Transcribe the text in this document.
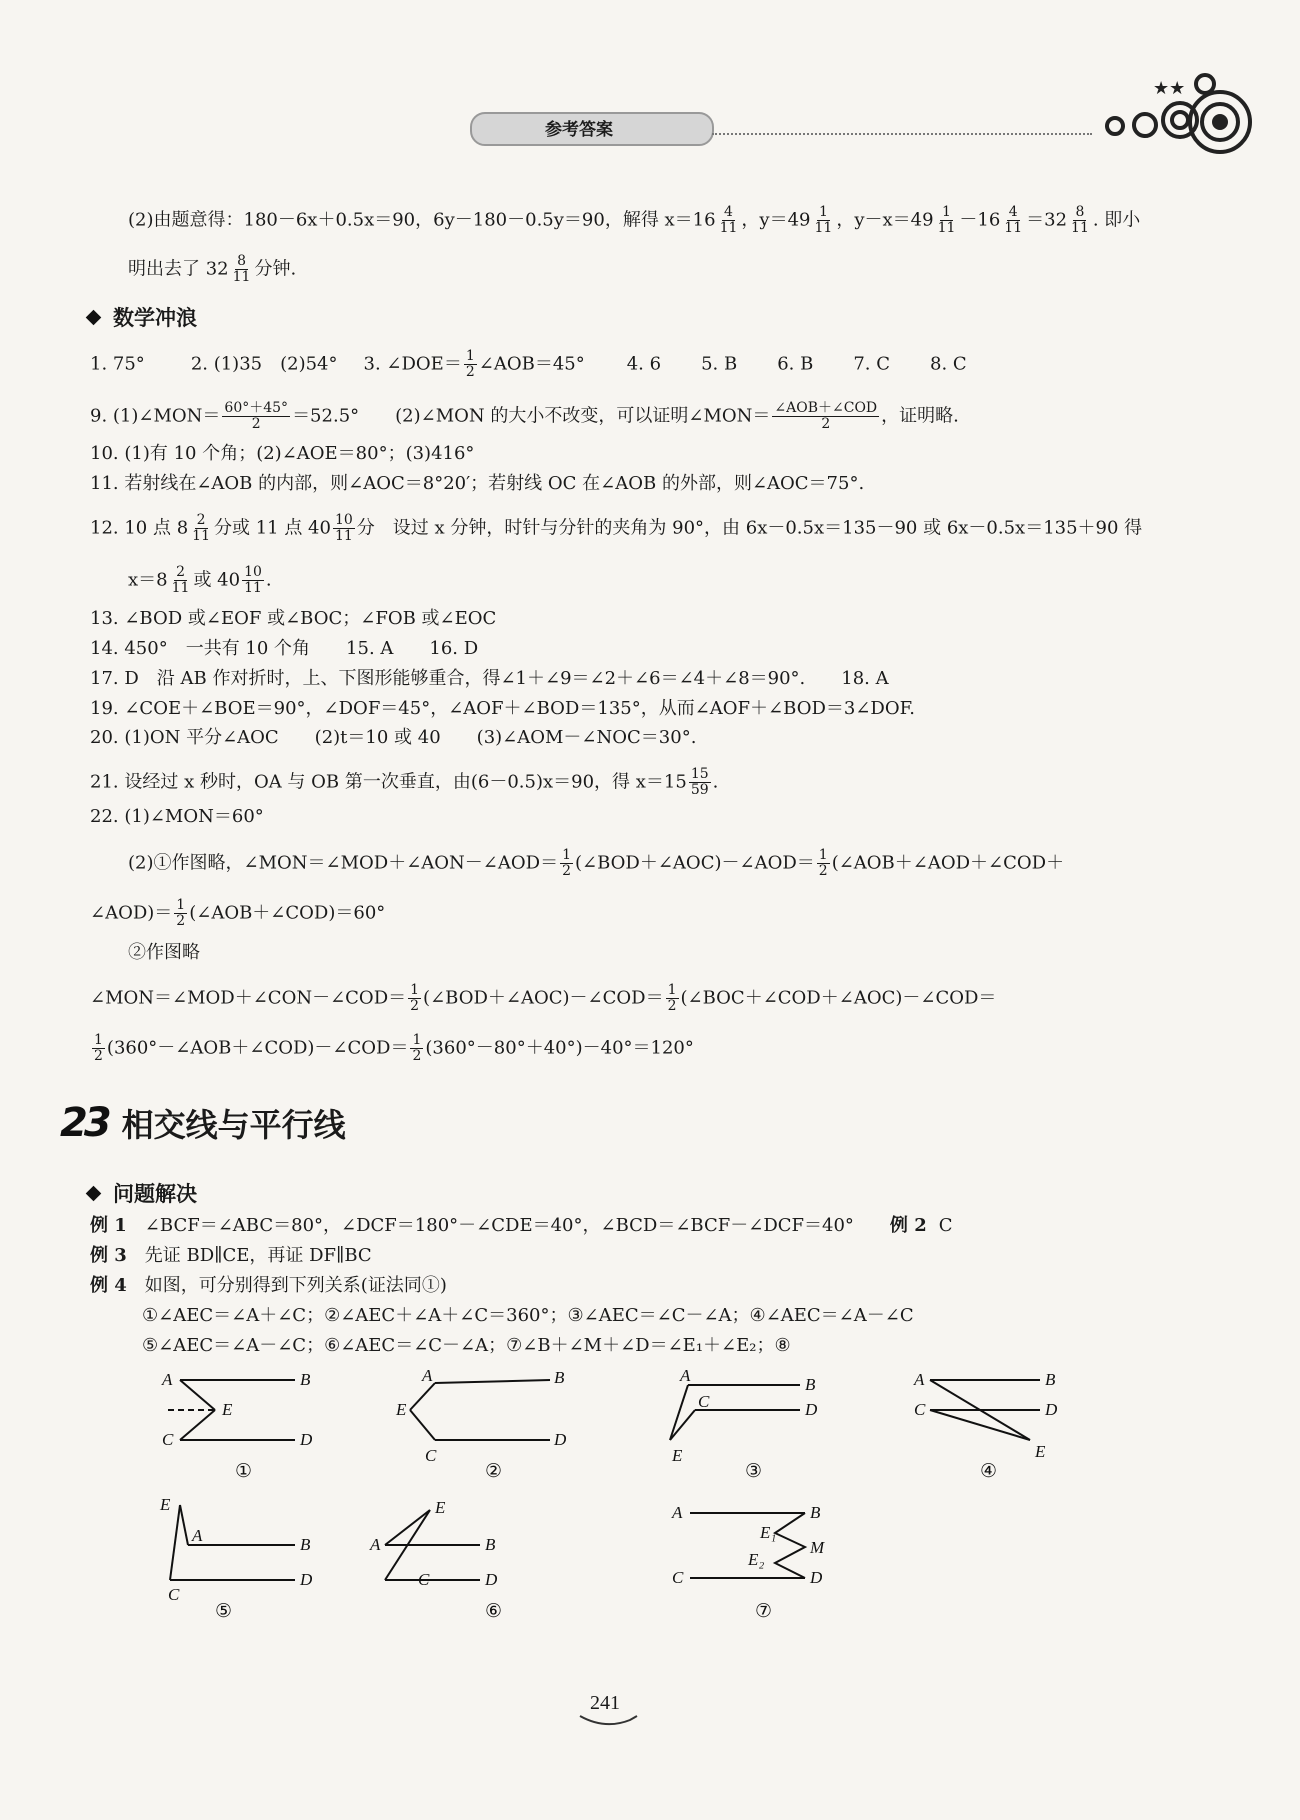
参考答案
★★
(2)由题意得：180－6x＋0.5x＝90，6y－180－0.5y＝90，解得 $x=16 \frac{4}{11}$ ，$y=49 \frac{1}{11}$ ，$y-x=49 \frac{1}{11} -16 \frac{4}{11} =32 \frac{8}{11}$ . 即小
明出去了 $32 \frac{8}{11}$ 分钟.
数学冲浪
1. 75°	2. (1)35　(2)54° 3. ∠DOE＝ $\frac{1}{2}$ ∠AOB＝45° 4. 6 5. B 6. B 7. C 8. C
9. (1)∠MON＝ $\frac{60^\circ+45^\circ}{2} =52.5^\circ$　　(2)∠MON 的大小不改变，可以证明∠MON＝ $\frac{\text{∠AOB＋∠COD}}{2}$ ，证明略.
10. (1)有 10 个角；(2)∠AOE＝80°；(3)416°
11. 若射线在∠AOB 的内部，则∠AOC＝8°20′；若射线 OC 在∠AOB 的外部，则∠AOC＝75°.
12. 10 点 $8 \frac{2}{11}$ 分或 11 点 $40 \frac{10}{11}$ 分　设过 x 分钟，时针与分针的夹角为 90°，由 6x－0.5x＝135－90 或 6x－0.5x＝135＋90 得
$x=8 \frac{2}{11}$ 或 $40 \frac{10}{11}$ .
13. ∠BOD 或∠EOF 或∠BOC；∠FOB 或∠EOC
14. 450°　一共有 10 个角　　15. A　　16. D
17. D　沿 AB 作对折时，上、下图形能够重合，得∠1＋∠9＝∠2＋∠6＝∠4＋∠8＝90°.　　18. A
19. ∠COE＋∠BOE＝90°，∠DOF＝45°，∠AOF＋∠BOD＝135°，从而∠AOF＋∠BOD＝3∠DOF.
20. (1)ON 平分∠AOC　　(2)t＝10 或 40　　(3)∠AOM－∠NOC＝30°.
21. 设经过 x 秒时，OA 与 OB 第一次垂直，由(6－0.5)x＝90，得 $x=15 \frac{15}{59}$ .
22. (1)∠MON＝60°
(2)①作图略，∠MON＝∠MOD＋∠AON－∠AOD＝ $\frac{1}{2}$ (∠BOD＋∠AOC)－∠AOD＝ $\frac{1}{2}$ (∠AOB＋∠AOD＋∠COD＋
∠AOD)＝ $\frac{1}{2}$ (∠AOB＋∠COD)＝60°
②作图略
∠MON＝∠MOD＋∠CON－∠COD＝ $\frac{1}{2}$ (∠BOD＋∠AOC)－∠COD＝ $\frac{1}{2}$ (∠BOC＋∠COD＋∠AOC)－∠COD＝
$\frac{1}{2}$ (360°－∠AOB＋∠COD)－∠COD＝ $\frac{1}{2} (360^\circ-80^\circ+40^\circ)-40^\circ=120^\circ$
23 相交线与平行线
问题解决
例 1 ∠BCF＝∠ABC＝80°，∠DCF＝180°－∠CDE＝40°，∠BCD＝∠BCF－∠DCF＝40° 例 2 C
例 3 先证 BD∥CE，再证 DF∥BC
例 4 如图，可分别得到下列关系(证法同①)
①∠AEC＝∠A＋∠C；②∠AEC＋∠A＋∠C＝360°；③∠AEC＝∠C－∠A；④∠AEC＝∠A－∠C
⑤∠AEC＝∠A－∠C；⑥∠AEC＝∠C－∠A；⑦∠B＋∠M＋∠D＝∠E₁＋∠E₂；⑧
A	B
E
C	D
A	B
E
C
D
A	B
C	D
E
A	B
C	D
E
E
A	B
C
D
E
A	B
C	D
A	B
E₁
M
E₂
C	D
①	②	③	④
⑤	⑥	⑦
241
